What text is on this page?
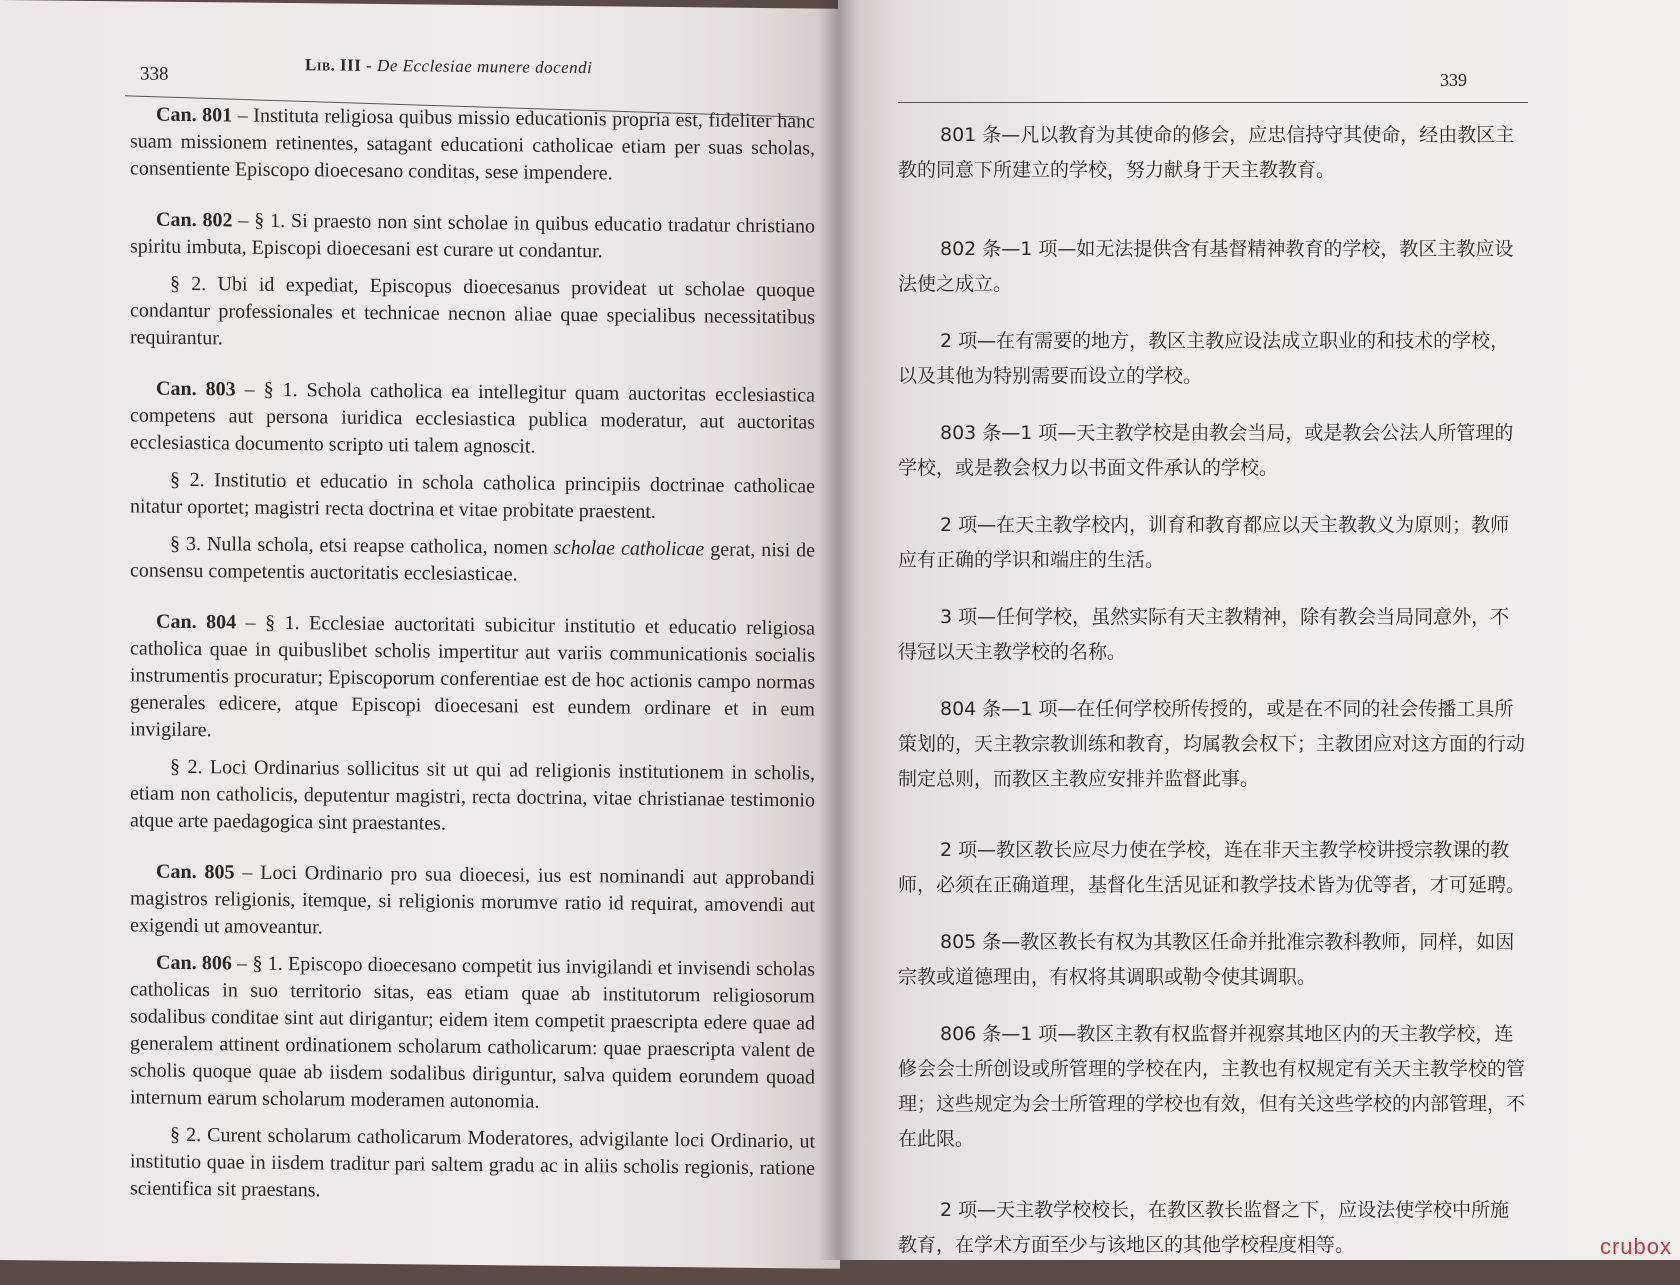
338	Lib. III - De Ecclesiae munere docendi

Can. 801 – Instituta religiosa quibus missio educationis propria est, fideliter hanc suam missionem retinentes, satagant educationi catholicae etiam per suas scholas, consentiente Episcopo dioecesano conditas, sese impendere.

Can. 802 – § 1. Si praesto non sint scholae in quibus educatio tradatur christiano spiritu imbuta, Episcopi dioecesani est curare ut condantur.

§ 2. Ubi id expediat, Episcopus dioecesanus provideat ut scholae quoque condantur professionales et technicae necnon aliae quae specialibus necessitatibus requirantur.

Can. 803 – § 1. Schola catholica ea intellegitur quam auctoritas ecclesiastica competens aut persona iuridica ecclesiastica publica moderatur, aut auctoritas ecclesiastica documento scripto uti talem agnoscit.

§ 2. Institutio et educatio in schola catholica principiis doctrinae catholicae nitatur oportet; magistri recta doctrina et vitae probitate praestent.

§ 3. Nulla schola, etsi reapse catholica, nomen scholae catholicae gerat, nisi de consensu competentis auctoritatis ecclesiasticae.

Can. 804 – § 1. Ecclesiae auctoritati subicitur institutio et educatio religiosa catholica quae in quibuslibet scholis impertitur aut variis communicationis socialis instrumentis procuratur; Episcoporum conferentiae est de hoc actionis campo normas generales edicere, atque Episcopi dioecesani est eundem ordinare et in eum invigilare.

§ 2. Loci Ordinarius sollicitus sit ut qui ad religionis institutionem in scholis, etiam non catholicis, deputentur magistri, recta doctrina, vitae christianae testimonio atque arte paedagogica sint praestantes.

Can. 805 – Loci Ordinario pro sua dioecesi, ius est nominandi aut approbandi magistros religionis, itemque, si religionis morumve ratio id requirat, amovendi aut exigendi ut amoveantur.

Can. 806 – § 1. Episcopo dioecesano competit ius invigilandi et invisendi scholas catholicas in suo territorio sitas, eas etiam quae ab institutorum religiosorum sodalibus conditae sint aut dirigantur; eidem item competit praescripta edere quae ad generalem attinent ordinationem scholarum catholicarum: quae praescripta valent de scholis quoque quae ab iisdem sodalibus diriguntur, salva quidem eorundem quoad internum earum scholarum moderamen autonomia.

§ 2. Curent scholarum catholicarum Moderatores, advigilante loci Ordinario, ut institutio quae in iisdem traditur pari saltem gradu ac in aliis scholis regionis, ratione scientifica sit praestans.

339

801 条—凡以教育为其使命的修会，应忠信持守其使命，经由教区主教的同意下所建立的学校，努力献身于天主教教育。

802 条—1 项—如无法提供含有基督精神教育的学校，教区主教应设法使之成立。

2 项—在有需要的地方，教区主教应设法成立职业的和技术的学校，以及其他为特别需要而设立的学校。

803 条—1 项—天主教学校是由教会当局，或是教会公法人所管理的学校，或是教会权力以书面文件承认的学校。

2 项—在天主教学校内，训育和教育都应以天主教教义为原则；教师应有正确的学识和端庄的生活。

3 项—任何学校，虽然实际有天主教精神，除有教会当局同意外，不得冠以天主教学校的名称。

804 条—1 项—在任何学校所传授的，或是在不同的社会传播工具所策划的，天主教宗教训练和教育，均属教会权下；主教团应对这方面的行动制定总则，而教区主教应安排并监督此事。

2 项—教区教长应尽力使在学校，连在非天主教学校讲授宗教课的教师，必须在正确道理，基督化生活见证和教学技术皆为优等者，才可延聘。

805 条—教区教长有权为其教区任命并批准宗教科教师，同样，如因宗教或道德理由，有权将其调职或勒令使其调职。

806 条—1 项—教区主教有权监督并视察其地区内的天主教学校，连修会会士所创设或所管理的学校在内，主教也有权规定有关天主教学校的管理；这些规定为会士所管理的学校也有效，但有关这些学校的内部管理，不在此限。

2 项—天主教学校校长，在教区教长监督之下，应设法使学校中所施教育，在学术方面至少与该地区的其他学校程度相等。	crubox
